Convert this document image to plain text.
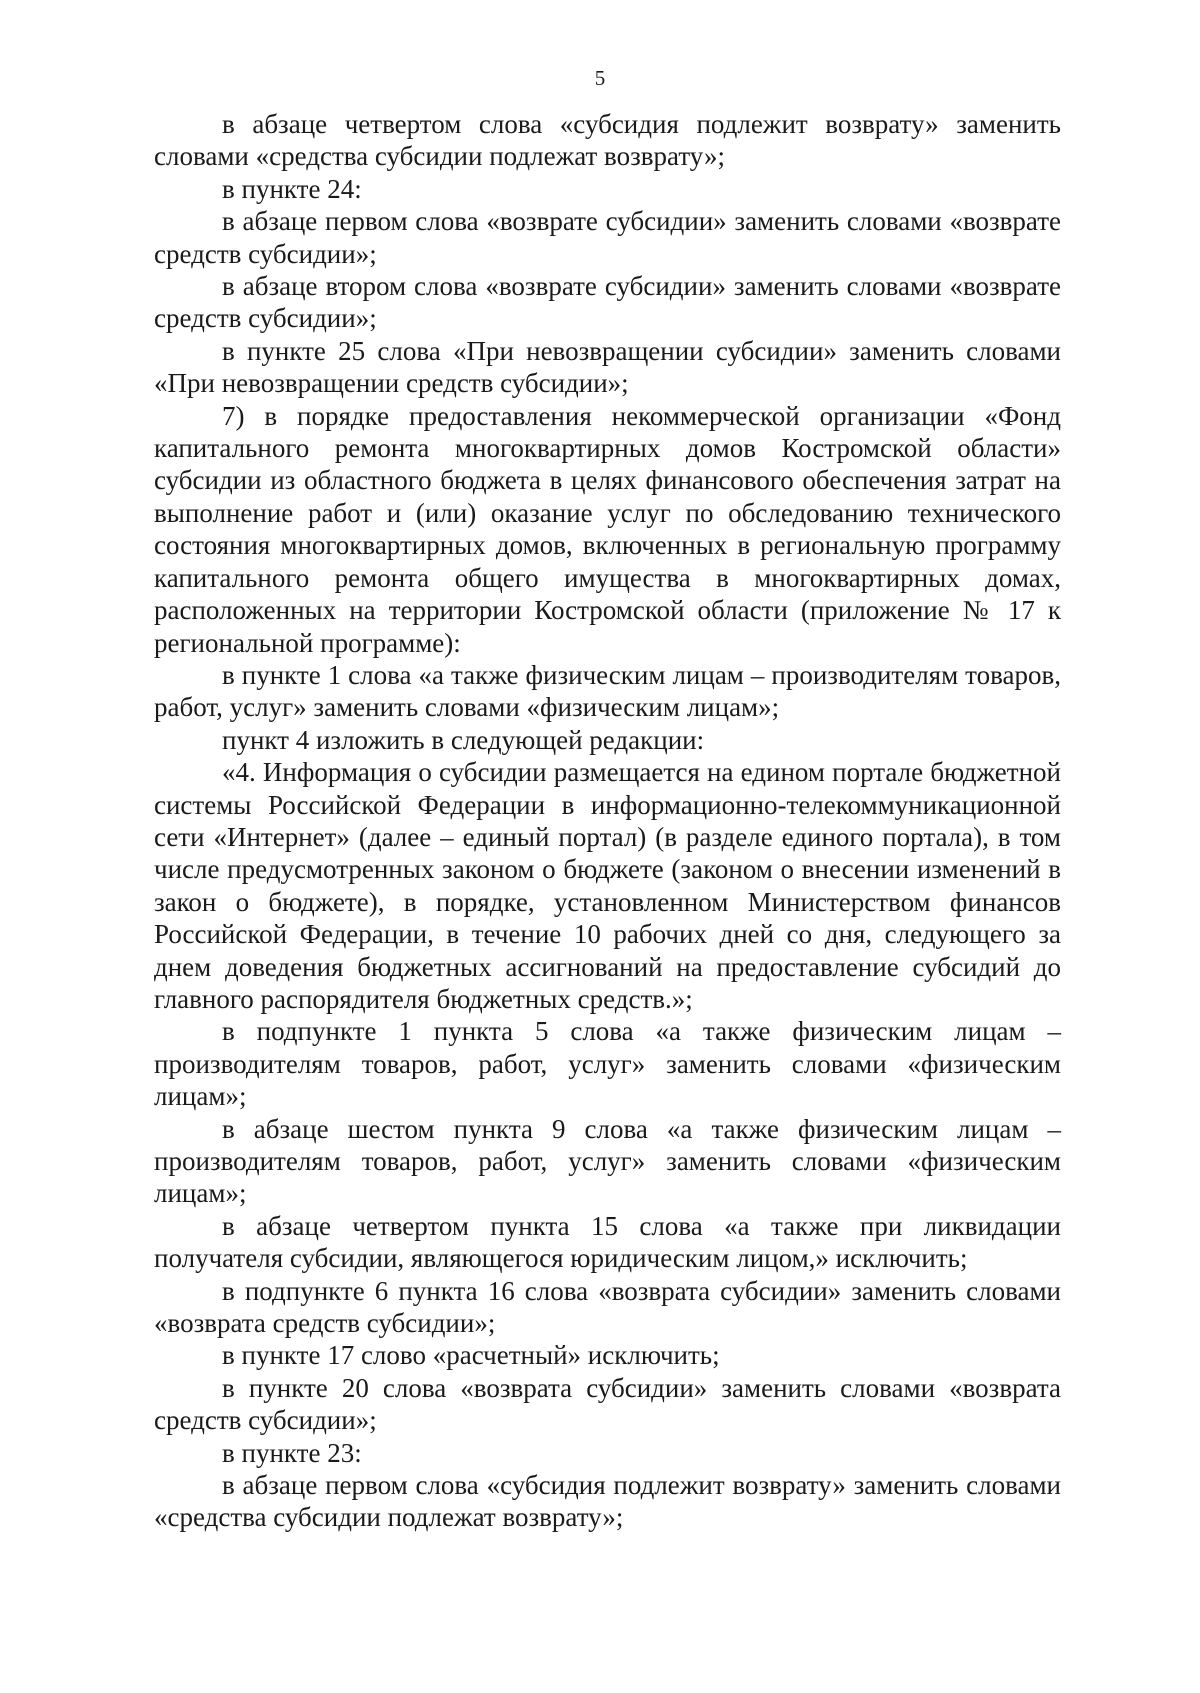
5

в абзаце четвертом слова «субсидия подлежит возврату» заменить словами «средства субсидии подлежат возврату»;

в пункте 24:

в абзаце первом слова «возврате субсидии» заменить словами «возврате средств субсидии»;

в абзаце втором слова «возврате субсидии» заменить словами «возврате средств субсидии»;

в пункте 25 слова «При невозвращении субсидии» заменить словами «При невозвращении средств субсидии»;

7) в порядке предоставления некоммерческой организации «Фонд капитального ремонта многоквартирных домов Костромской области» субсидии из областного бюджета в целях финансового обеспечения затрат на выполнение работ и (или) оказание услуг по обследованию технического состояния многоквартирных домов, включенных в региональную программу капитального ремонта общего имущества в многоквартирных домах, расположенных на территории Костромской области (приложение № 17 к региональной программе):

в пункте 1 слова «а также физическим лицам – производителям товаров, работ, услуг» заменить словами «физическим лицам»;

пункт 4 изложить в следующей редакции:

«4. Информация о субсидии размещается на едином портале бюджетной системы Российской Федерации в информационно-телекоммуникационной сети «Интернет» (далее – единый портал) (в разделе единого портала), в том числе предусмотренных законом о бюджете (законом о внесении изменений в закон о бюджете), в порядке, установленном Министерством финансов Российской Федерации, в течение 10 рабочих дней со дня, следующего за днем доведения бюджетных ассигнований на предоставление субсидий до главного распорядителя бюджетных средств.»;

в подпункте 1 пункта 5 слова «а также физическим лицам – производителям товаров, работ, услуг» заменить словами «физическим лицам»;

в абзаце шестом пункта 9 слова «а также физическим лицам – производителям товаров, работ, услуг» заменить словами «физическим лицам»;

в абзаце четвертом пункта 15 слова «а также при ликвидации получателя субсидии, являющегося юридическим лицом,» исключить;

в подпункте 6 пункта 16 слова «возврата субсидии» заменить словами «возврата средств субсидии»;

в пункте 17 слово «расчетный» исключить;

в пункте 20 слова «возврата субсидии» заменить словами «возврата средств субсидии»;

в пункте 23:

в абзаце первом слова «субсидия подлежит возврату» заменить словами «средства субсидии подлежат возврату»;
